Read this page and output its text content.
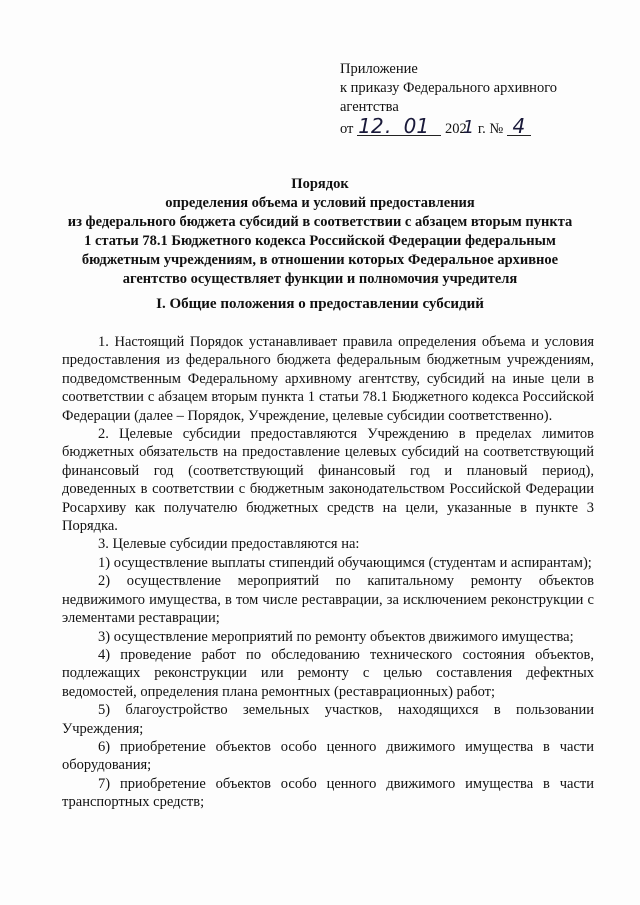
Приложение
к приказу Федерального архивного
агентства
от 12. 01 2021 г. № 4
Порядок
определения объема и условий предоставления
из федерального бюджета субсидий в соответствии с абзацем вторым пункта
1 статьи 78.1 Бюджетного кодекса Российской Федерации федеральным
бюджетным учреждениям, в отношении которых Федеральное архивное
агентство осуществляет функции и полномочия учредителя
I. Общие положения о предоставлении субсидий

1. Настоящий Порядок устанавливает правила определения объема и условия предоставления из федерального бюджета федеральным бюджетным учреждениям, подведомственным Федеральному архивному агентству, субсидий на иные цели в соответствии с абзацем вторым пункта 1 статьи 78.1 Бюджетного кодекса Российской Федерации (далее – Порядок, Учреждение, целевые субсидии соответственно).

2. Целевые субсидии предоставляются Учреждению в пределах лимитов бюджетных обязательств на предоставление целевых субсидий на соответствующий финансовый год (соответствующий финансовый год и плановый период), доведенных в соответствии с бюджетным законодательством Российской Федерации Росархиву как получателю бюджетных средств на цели, указанные в пункте 3 Порядка.

3. Целевые субсидии предоставляются на:

1) осуществление выплаты стипендий обучающимся (студентам и аспирантам);

2) осуществление мероприятий по капитальному ремонту объектов недвижимого имущества, в том числе реставрации, за исключением реконструкции с элементами реставрации;

3) осуществление мероприятий по ремонту объектов движимого имущества;

4) проведение работ по обследованию технического состояния объектов, подлежащих реконструкции или ремонту с целью составления дефектных ведомостей, определения плана ремонтных (реставрационных) работ;

5) благоустройство земельных участков, находящихся в пользовании Учреждения;

6) приобретение объектов особо ценного движимого имущества в части оборудования;

7) приобретение объектов особо ценного движимого имущества в части транспортных средств;
